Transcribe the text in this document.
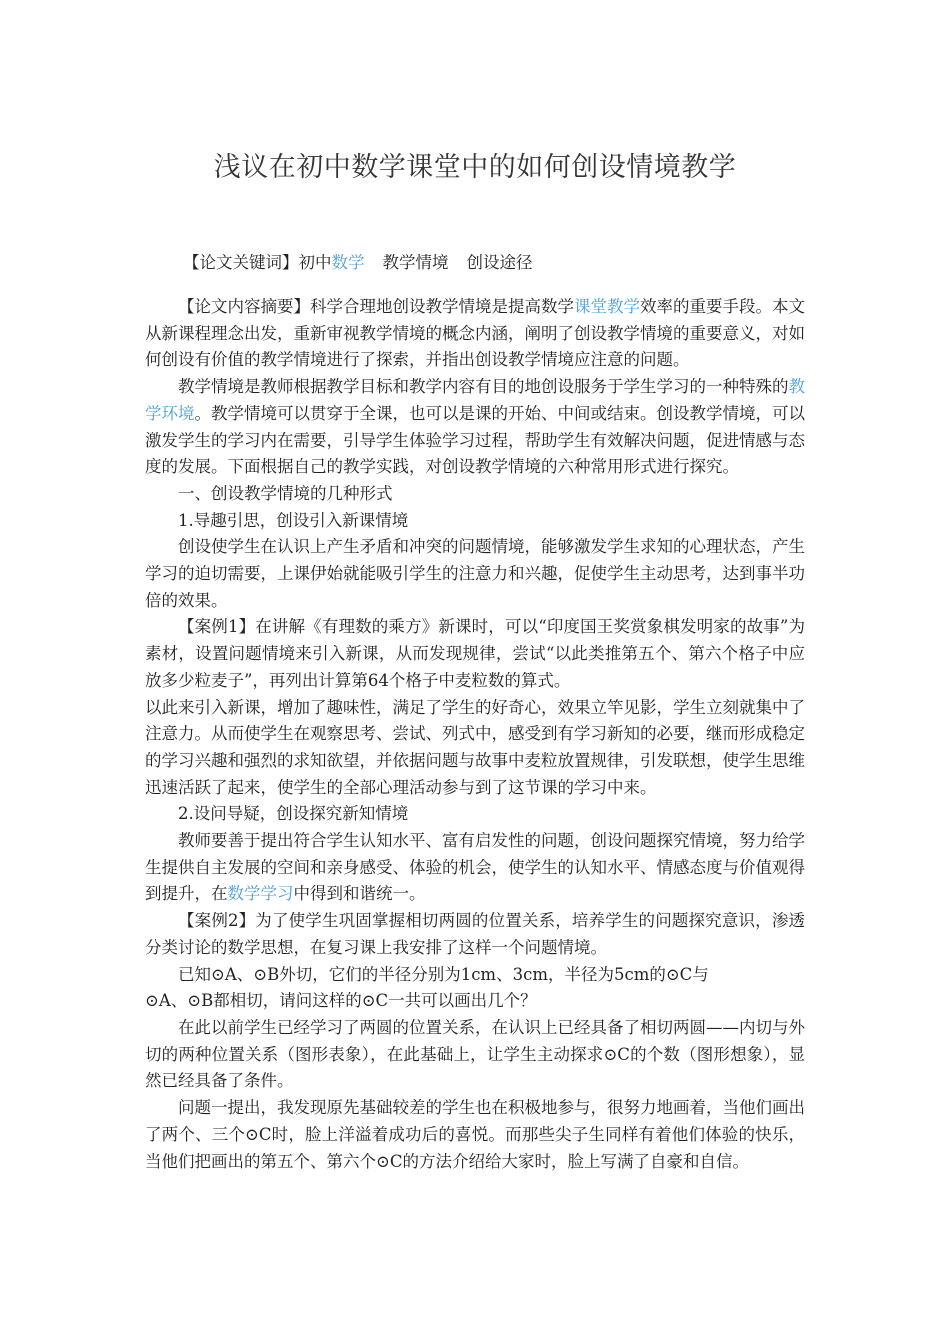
浅议在初中数学课堂中的如何创设情境教学
【论文关键词】初中数学 教学情境 创设途径

【论文内容摘要】科学合理地创设教学情境是提高数学课堂教学效率的重要手段。本文从新课程理念出发，重新审视教学情境的概念内涵，阐明了创设教学情境的重要意义，对如何创设有价值的教学情境进行了探索，并指出创设教学情境应注意的问题。

教学情境是教师根据教学目标和教学内容有目的地创设服务于学生学习的一种特殊的教学环境。教学情境可以贯穿于全课，也可以是课的开始、中间或结束。创设教学情境，可以激发学生的学习内在需要，引导学生体验学习过程，帮助学生有效解决问题，促进情感与态度的发展。下面根据自己的教学实践，对创设教学情境的六种常用形式进行探究。

一、创设教学情境的几种形式

1.导趣引思，创设引入新课情境

创设使学生在认识上产生矛盾和冲突的问题情境，能够激发学生求知的心理状态，产生学习的迫切需要，上课伊始就能吸引学生的注意力和兴趣，促使学生主动思考，达到事半功倍的效果。

【案例1】在讲解《有理数的乘方》新课时，可以“印度国王奖赏象棋发明家的故事”为素材，设置问题情境来引入新课，从而发现规律，尝试“以此类推第五个、第六个格子中应放多少粒麦子”，再列出计算第64个格子中麦粒数的算式。

以此来引入新课，增加了趣味性，满足了学生的好奇心，效果立竿见影，学生立刻就集中了注意力。从而使学生在观察思考、尝试、列式中，感受到有学习新知的必要，继而形成稳定的学习兴趣和强烈的求知欲望，并依据问题与故事中麦粒放置规律，引发联想，使学生思维迅速活跃了起来，使学生的全部心理活动参与到了这节课的学习中来。

2.设问导疑，创设探究新知情境

教师要善于提出符合学生认知水平、富有启发性的问题，创设问题探究情境，努力给学生提供自主发展的空间和亲身感受、体验的机会，使学生的认知水平、情感态度与价值观得到提升，在数学学习中得到和谐统一。

【案例2】为了使学生巩固掌握相切两圆的位置关系，培养学生的问题探究意识，渗透分类讨论的数学思想，在复习课上我安排了这样一个问题情境。

已知⊙A、⊙B外切，它们的半径分别为1cm、3cm，半径为5cm的⊙C与

⊙A、⊙B都相切，请问这样的⊙C一共可以画出几个？

在此以前学生已经学习了两圆的位置关系，在认识上已经具备了相切两圆——内切与外切的两种位置关系（图形表象），在此基础上，让学生主动探求⊙C的个数（图形想象），显然已经具备了条件。

问题一提出，我发现原先基础较差的学生也在积极地参与，很努力地画着，当他们画出了两个、三个⊙C时，脸上洋溢着成功后的喜悦。而那些尖子生同样有着他们体验的快乐，当他们把画出的第五个、第六个⊙C的方法介绍给大家时，脸上写满了自豪和自信。
